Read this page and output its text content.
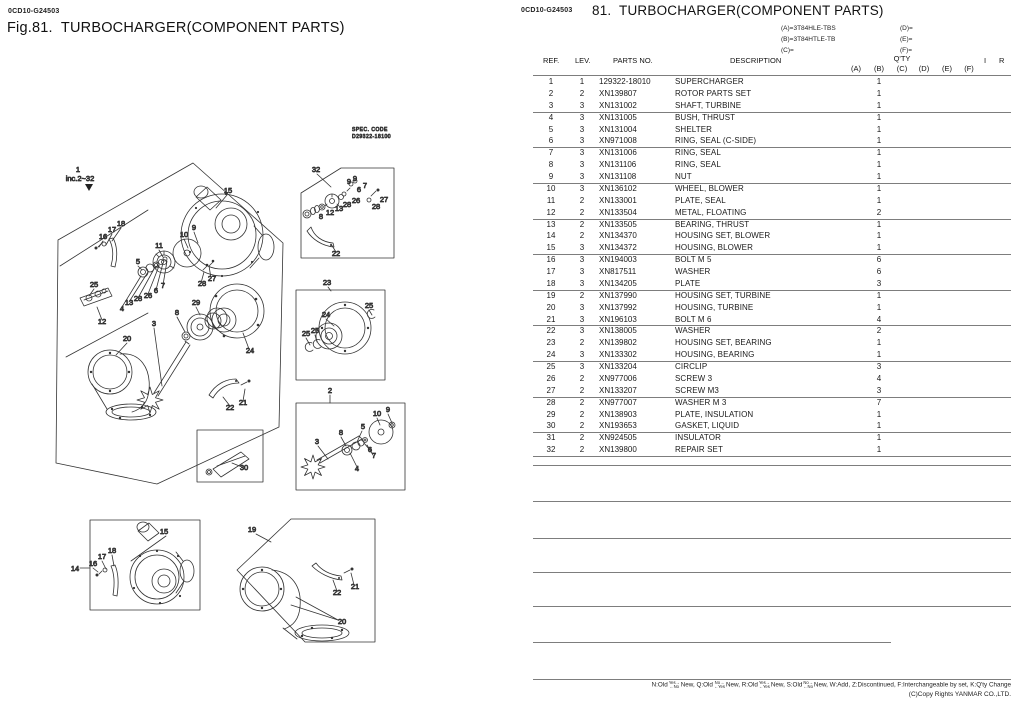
0CD10-G24503
Fig.81.  TURBOCHARGER(COMPONENT PARTS)
0CD10-G24503 81.  TURBOCHARGER(COMPONENT PARTS)
(A)=3T84HLE-TBS
(B)=3T84HTLE-TB
(C)=
(D)=
(E)=
(F)=
SPEC. CODE
D29322-18100
1
inc.2~32
15
16
17
18
10
9
11
5
28
27
25
4
13 28 26
6
7
12
29
8
3
20
24
22
21
30
32
9 9
6 7
26
28
13
12
8
27
28
22
23
24
25
25 25
2
3
8
5
10 9
4
6
7
14
15
16
17
18
19
20
21
22
REF. LEV.	PARTS NO.	DESCRIPTION	Q'TY	I R
(A)	(B)	(C)	(D)	(E)	(F)
1	1	129322-18010	SUPERCHARGER	1
2	2	XN139807	ROTOR PARTS SET	1
3	3	XN131002	SHAFT, TURBINE	1
4	3	XN131005	BUSH, THRUST	1
5	3	XN131004	SHELTER	1
6	3	XN971008	RING, SEAL (C-SIDE)	1
7	3	XN131006	RING, SEAL	1
8	3	XN131106	RING, SEAL	1
9	3	XN131108	NUT	1
10	3	XN136102	WHEEL, BLOWER	1
11	2	XN133001	PLATE, SEAL	1
12	2	XN133504	METAL, FLOATING	2
13	2	XN133505	BEARING, THRUST	1
14	2	XN134370	HOUSING SET, BLOWER	1
15	3	XN134372	HOUSING, BLOWER	1
16	3	XN194003	BOLT M 5	6
17	3	XN817511	WASHER	6
18	3	XN134205	PLATE	3
19	2	XN137990	HOUSING SET, TURBINE	1
20	3	XN137992	HOUSING, TURBINE	1
21	3	XN196103	BOLT M 6	4
22	3	XN138005	WASHER	2
23	2	XN139802	HOUSING SET, BEARING	1
24	3	XN133302	HOUSING, BEARING	1
25	3	XN133204	CIRCLIP	3
26	2	XN977006	SCREW 3	4
27	2	XN133207	SCREW M3	3
28	2	XN977007	WASHER M 3	7
29	2	XN138903	PLATE, INSULATION	1
30	2	XN193653	GASKET, LIQUID	1
31	2	XN924505	INSULATOR	1
32	2	XN139800	REPAIR SET	1
N:Old Yes →
← No New, Q:Old No →
← Yes New, R:Old Yes →
← Yes New, S:Old No →
← No New, W:Add, Z:Discontinued, F:Interchangeable by set, K:Q'ty Change
(C)Copy Rights YANMAR CO.,LTD.
